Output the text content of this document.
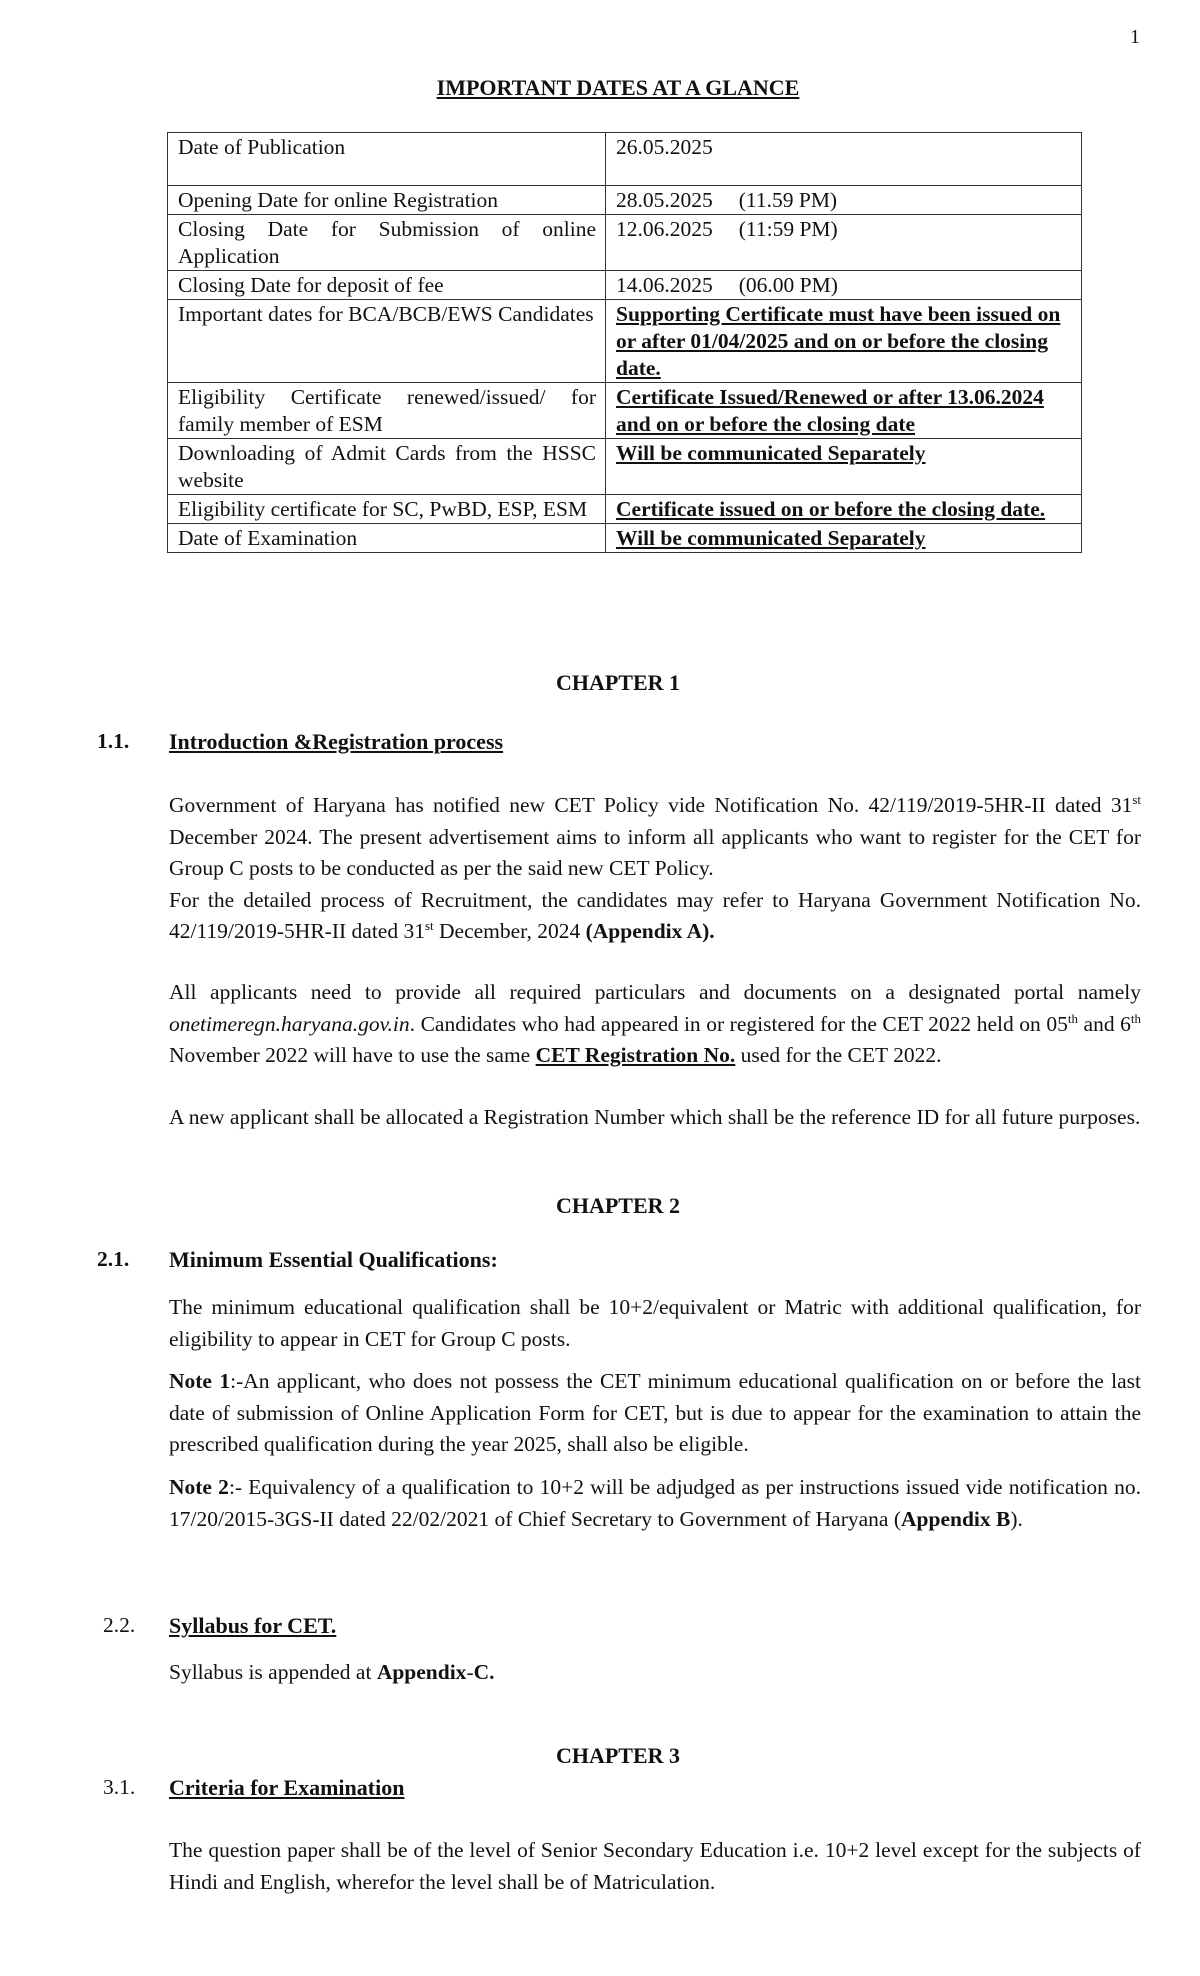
1
IMPORTANT DATES AT A GLANCE
Date of Publication	26.05.2025
Opening Date for online Registration	28.05.2025 (11.59 PM)
Closing Date for Submission of online Application	12.06.2025 (11:59 PM)
Closing Date for deposit of fee	14.06.2025 (06.00 PM)
Important dates for BCA/BCB/EWS Candidates	Supporting Certificate must have been issued on or after 01/04/2025 and on or before the closing date.
Eligibility Certificate renewed/issued/ for family member of ESM	Certificate Issued/Renewed or after 13.06.2024 and on or before the closing date
Downloading of Admit Cards from the HSSC website	Will be communicated Separately
Eligibility certificate for SC, PwBD, ESP, ESM	Certificate issued on or before the closing date.
Date of Examination	Will be communicated Separately
CHAPTER 1
1.1. Introduction &Registration process

Government of Haryana has notified new CET Policy vide Notification No. 42/119/2019-5HR-II dated 31st December 2024. The present advertisement aims to inform all applicants who want to register for the CET for Group C posts to be conducted as per the said new CET Policy.

For the detailed process of Recruitment, the candidates may refer to Haryana Government Notification No. 42/119/2019-5HR-II dated 31st December, 2024 (Appendix A).

All applicants need to provide all required particulars and documents on a designated portal namely onetimeregn.haryana.gov.in. Candidates who had appeared in or registered for the CET 2022 held on 05th and 6th November 2022 will have to use the same CET Registration No. used for the CET 2022.

A new applicant shall be allocated a Registration Number which shall be the reference ID for all future purposes.
CHAPTER 2
2.1. Minimum Essential Qualifications:
The minimum educational qualification shall be 10+2/equivalent or Matric with additional qualification, for eligibility to appear in CET for Group C posts.

Note 1:-An applicant, who does not possess the CET minimum educational qualification on or before the last date of submission of Online Application Form for CET, but is due to appear for the examination to attain the prescribed qualification during the year 2025, shall also be eligible.

Note 2:- Equivalency of a qualification to 10+2 will be adjudged as per instructions issued vide notification no. 17/20/2015-3GS-II dated 22/02/2021 of Chief Secretary to Government of Haryana (Appendix B).

2.2. Syllabus for CET.

Syllabus is appended at Appendix-C.

CHAPTER 3
3.1. Criteria for Examination
The question paper shall be of the level of Senior Secondary Education i.e. 10+2 level except for the subjects of Hindi and English, wherefor the level shall be of Matriculation.
